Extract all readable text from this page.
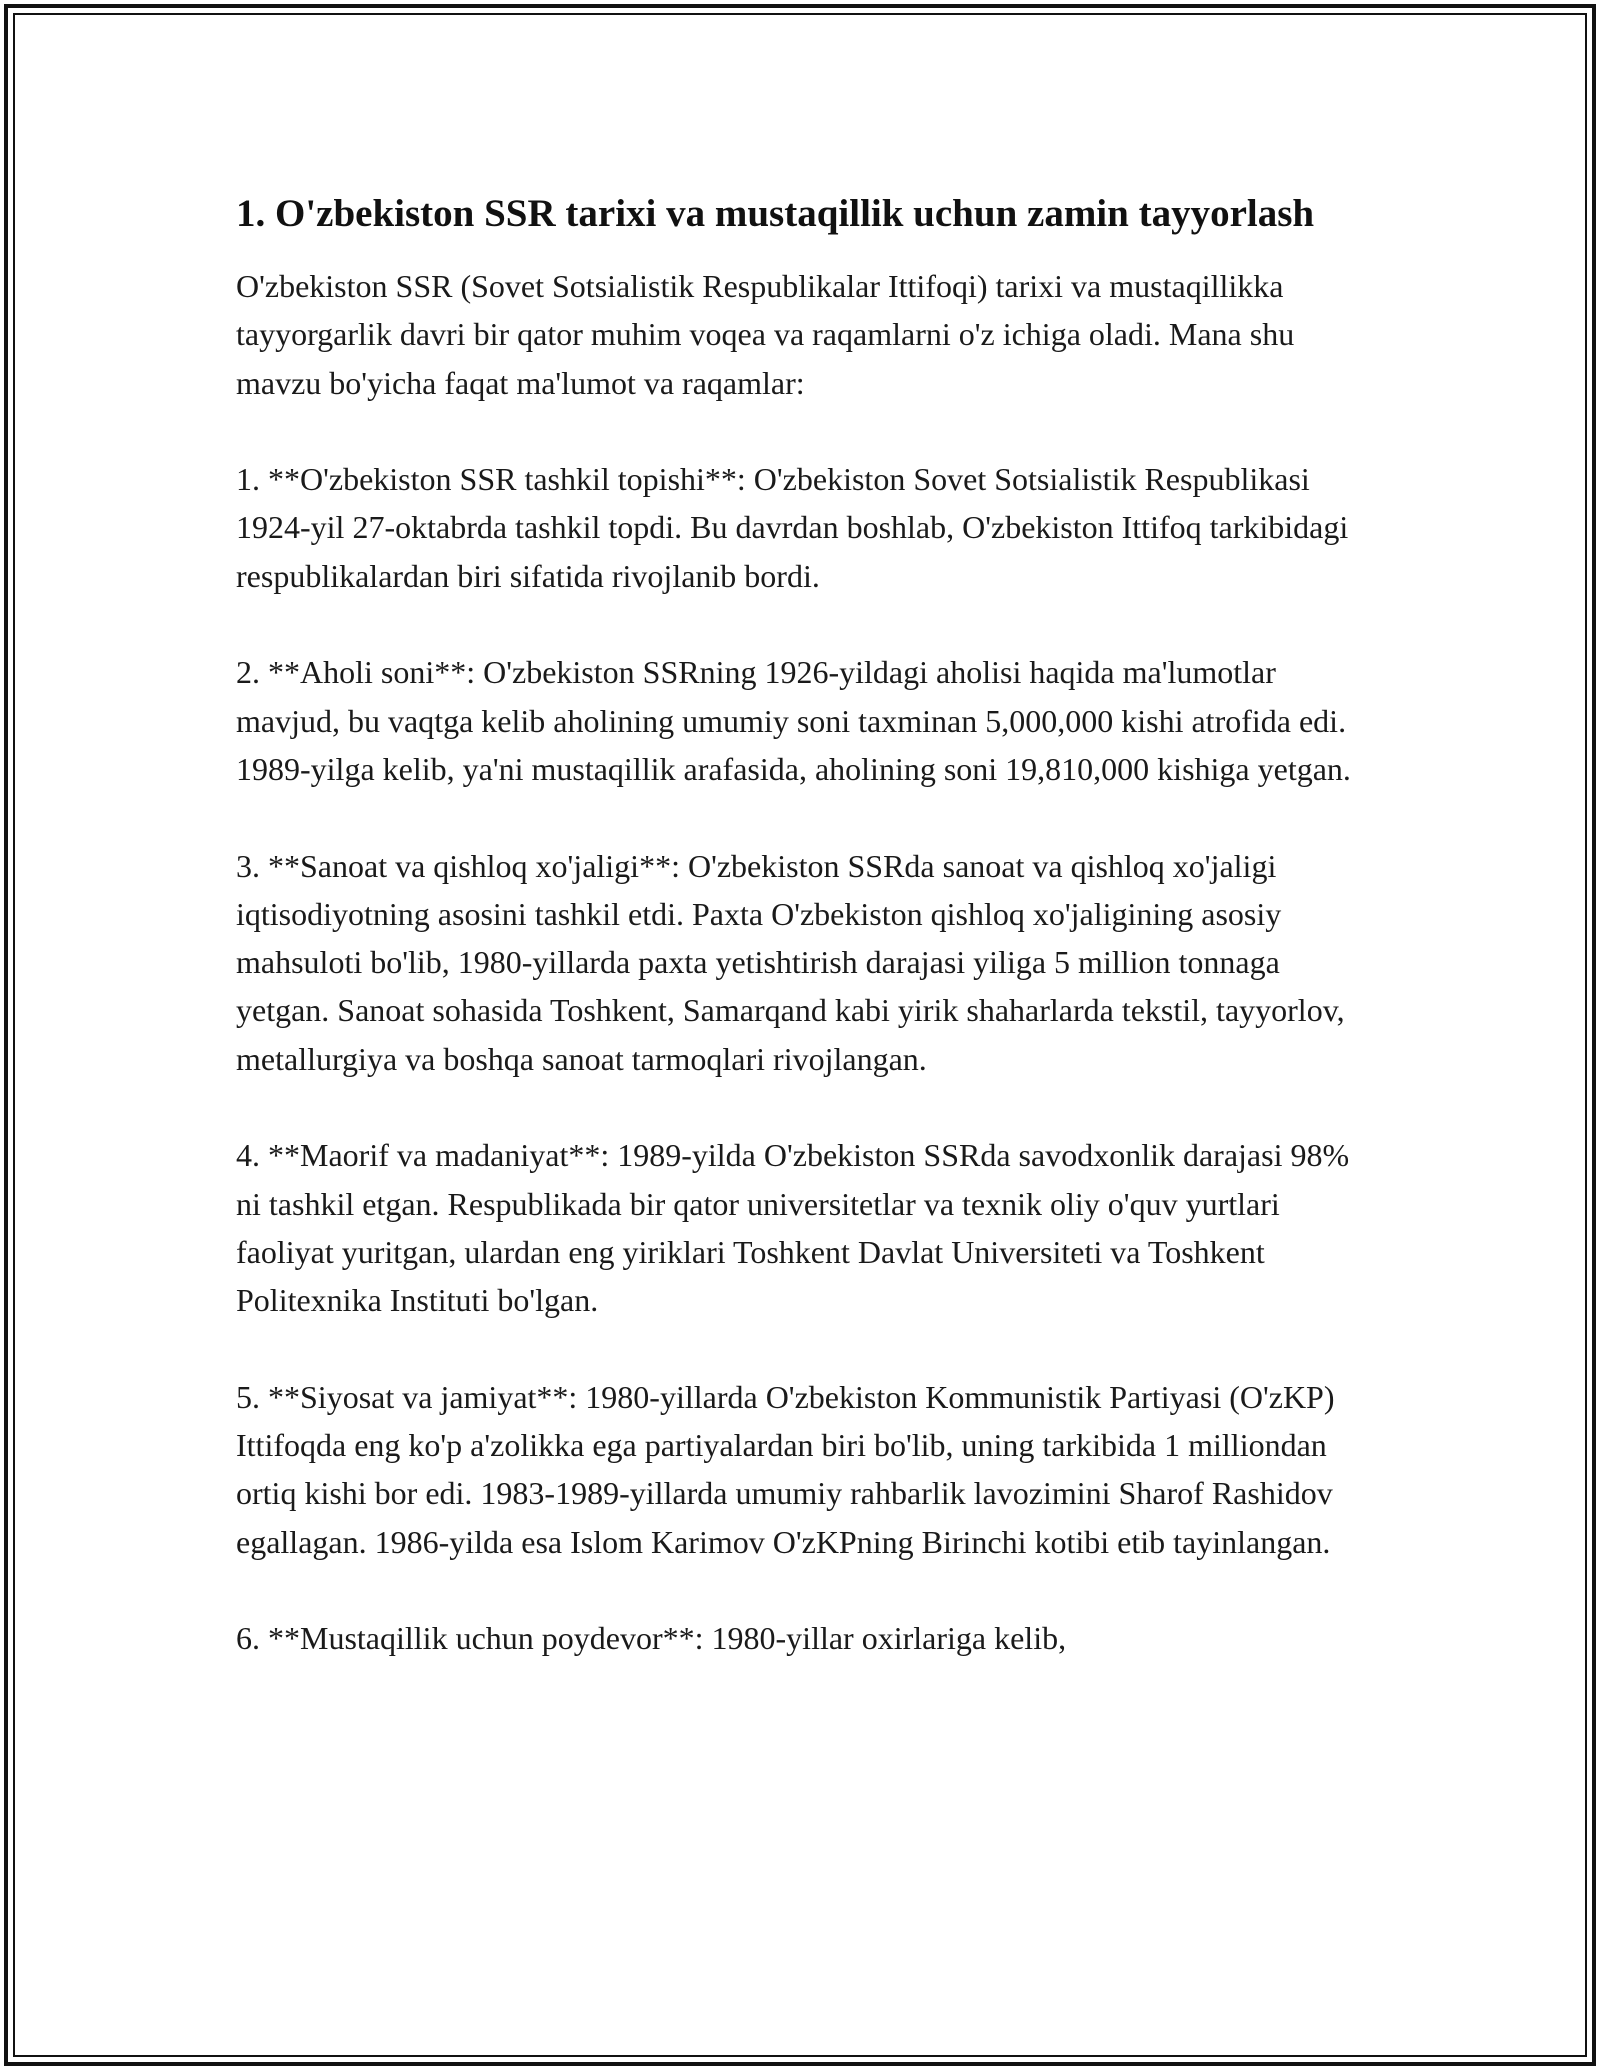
1. O'zbekiston SSR tarixi va mustaqillik uchun zamin tayyorlash

O'zbekiston SSR (Sovet Sotsialistik Respublikalar Ittifoqi) tarixi va mustaqillikka tayyorgarlik davri bir qator muhim voqea va raqamlarni o'z ichiga oladi. Mana shu mavzu bo'yicha faqat ma'lumot va raqamlar:

1. **O'zbekiston SSR tashkil topishi**: O'zbekiston Sovet Sotsialistik Respublikasi 1924-yil 27-oktabrda tashkil topdi. Bu davrdan boshlab, O'zbekiston Ittifoq tarkibidagi respublikalardan biri sifatida rivojlanib bordi.

2. **Aholi soni**: O'zbekiston SSRning 1926-yildagi aholisi haqida ma'lumotlar mavjud, bu vaqtga kelib aholining umumiy soni taxminan 5,000,000 kishi atrofida edi. 1989-yilga kelib, ya'ni mustaqillik arafasida, aholining soni 19,810,000 kishiga yetgan.

3. **Sanoat va qishloq xo'jaligi**: O'zbekiston SSRda sanoat va qishloq xo'jaligi iqtisodiyotning asosini tashkil etdi. Paxta O'zbekiston qishloq xo'jaligining asosiy mahsuloti bo'lib, 1980-yillarda paxta yetishtirish darajasi yiliga 5 million tonnaga yetgan. Sanoat sohasida Toshkent, Samarqand kabi yirik shaharlarda tekstil, tayyorlov, metallurgiya va boshqa sanoat tarmoqlari rivojlangan.

4. **Maorif va madaniyat**: 1989-yilda O'zbekiston SSRda savodxonlik darajasi 98% ni tashkil etgan. Respublikada bir qator universitetlar va texnik oliy o'quv yurtlari faoliyat yuritgan, ulardan eng yiriklari Toshkent Davlat Universiteti va Toshkent Politexnika Instituti bo'lgan.

5. **Siyosat va jamiyat**: 1980-yillarda O'zbekiston Kommunistik Partiyasi (O'zKP) Ittifoqda eng ko'p a'zolikka ega partiyalardan biri bo'lib, uning tarkibida 1 milliondan ortiq kishi bor edi. 1983-1989-yillarda umumiy rahbarlik lavozimini Sharof Rashidov egallagan. 1986-yilda esa Islom Karimov O'zKPning Birinchi kotibi etib tayinlangan.

6. **Mustaqillik uchun poydevor**: 1980-yillar oxirlariga kelib,
